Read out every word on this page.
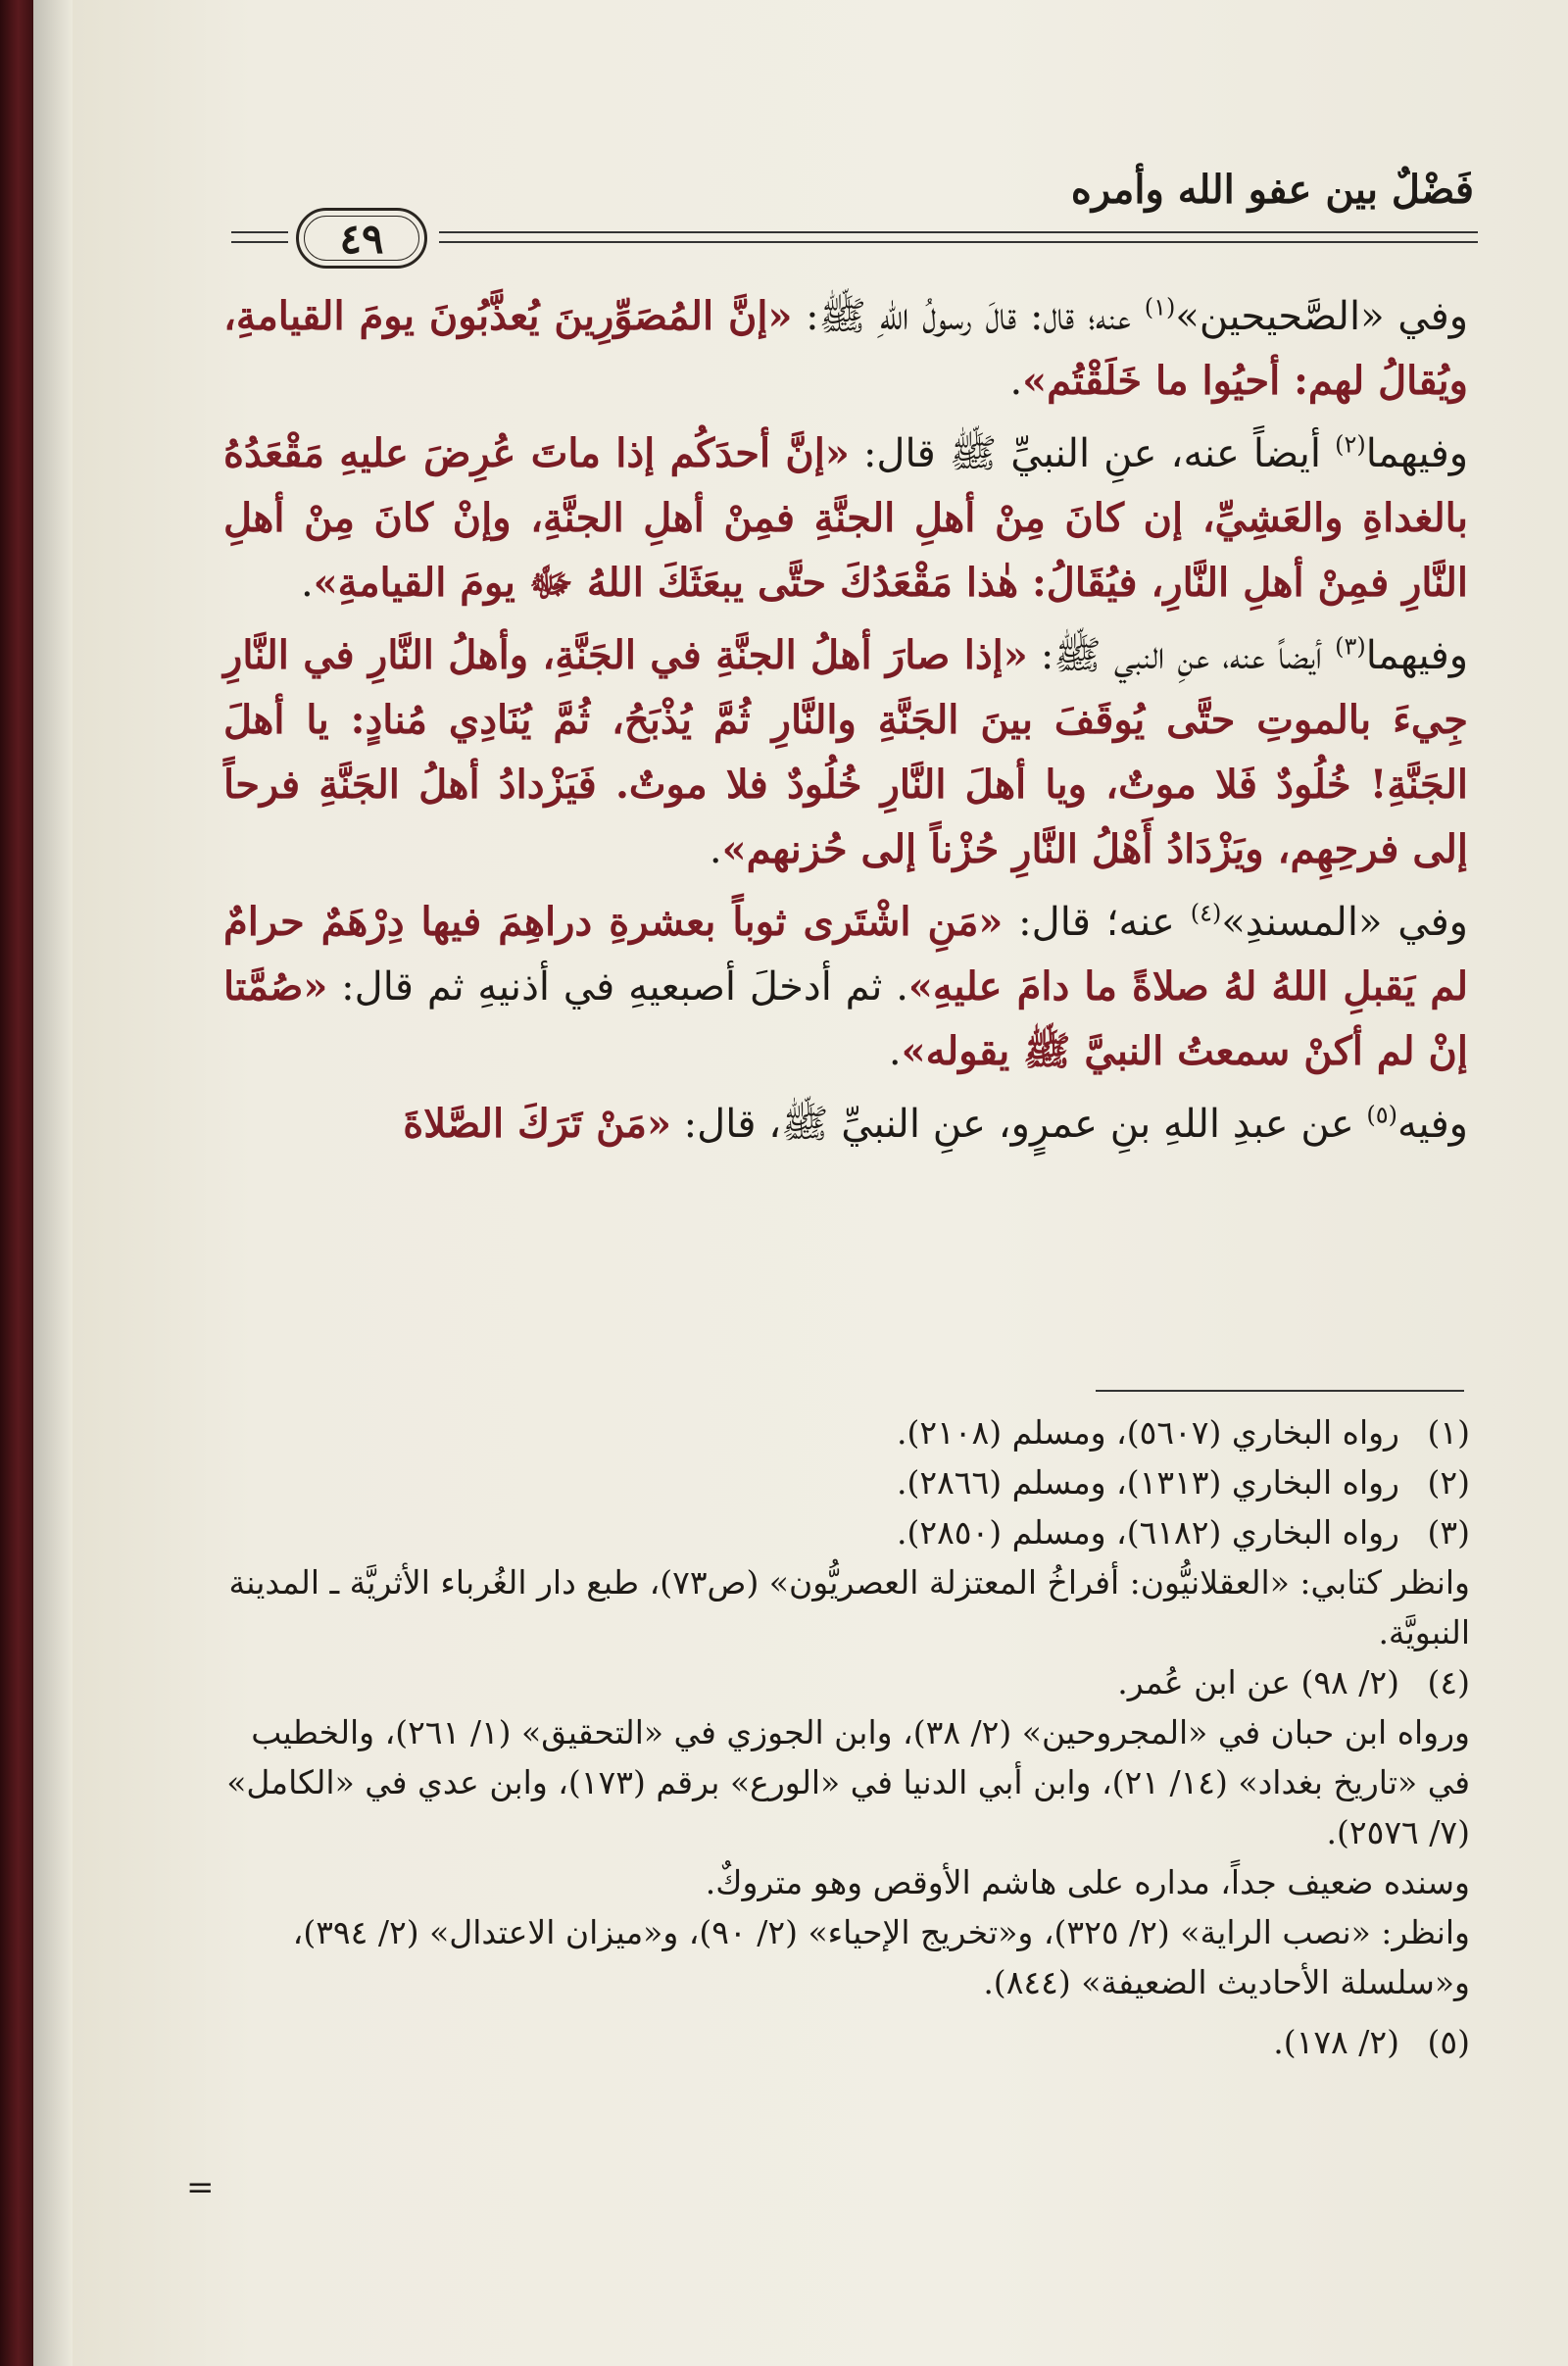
فَضْلٌ بين عفو الله وأمره
٤٩

وفي «الصَّحيحين»$^{(١)}$ عنه؛ قال: قالَ رسولُ اللهِ ﷺ: «إنَّ المُصَوِّرِينَ يُعذَّبُونَ يومَ القيامةِ، ويُقالُ لهم: أحيُوا ما خَلَقْتُم».

وفيهما$^{(٢)}$ أيضاً عنه، عنِ النبيِّ ﷺ قال: «إنَّ أحدَكُم إذا ماتَ عُرِضَ عليهِ مَقْعَدُهُ بالغداةِ والعَشِيِّ، إن كانَ مِنْ أهلِ الجنَّةِ فمِنْ أهلِ الجنَّةِ، وإنْ كانَ مِنْ أهلِ النَّارِ فمِنْ أهلِ النَّارِ، فيُقَالُ: هٰذا مَقْعَدُكَ حتَّى يبعَثَكَ اللهُ ﷻ يومَ القيامةِ».

وفيهما$^{(٣)}$ أيضاً عنه، عنِ النبي ﷺ: «إذا صارَ أهلُ الجنَّةِ في الجَنَّةِ، وأهلُ النَّارِ في النَّارِ جِيءَ بالموتِ حتَّى يُوقَفَ بينَ الجَنَّةِ والنَّارِ ثُمَّ يُذْبَحُ، ثُمَّ يُنَادِي مُنادٍ: يا أهلَ الجَنَّةِ! خُلُودٌ فَلا موتٌ، ويا أهلَ النَّارِ خُلُودٌ فلا موتٌ. فَيَزْدادُ أهلُ الجَنَّةِ فرحاً إلى فرحِهِم، ويَزْدَادُ أَهْلُ النَّارِ حُزْناً إلى حُزنهم».

وفي «المسندِ»$^{(٤)}$ عنه؛ قال: «مَنِ اشْتَرى ثوباً بعشرةِ دراهِمَ فيها دِرْهَمٌ حرامٌ لم يَقبلِ اللهُ لهُ صلاةً ما دامَ عليهِ». ثم أدخلَ أصبعيهِ في أذنيهِ ثم قال: «صُمَّتا إنْ لم أكنْ سمعتُ النبيَّ ﷺ يقوله».

وفيه$^{(٥)}$ عن عبدِ اللهِ بنِ عمرٍو، عنِ النبيِّ ﷺ، قال: «مَنْ تَرَكَ الصَّلاةَ

(١)

رواه البخاري (٥٦٠٧)، ومسلم (٢١٠٨).

(٢)

رواه البخاري (١٣١٣)، ومسلم (٢٨٦٦).

(٣)

رواه البخاري (٦١٨٢)، ومسلم (٢٨٥٠).

وانظر كتابي: «العقلانيُّون: أفراخُ المعتزلة العصريُّون» (ص٧٣)، طبع دار الغُرباء الأثريَّة ـ المدينة النبويَّة.

(٤)

(٢/ ٩٨) عن ابن عُمر.

ورواه ابن حبان في «المجروحين» (٢/ ٣٨)، وابن الجوزي في «التحقيق» (١/ ٢٦١)، والخطيب في «تاريخ بغداد» (١٤/ ٢١)، وابن أبي الدنيا في «الورع» برقم (١٧٣)، وابن عدي في «الكامل» (٧/ ٢٥٧٦).

وسنده ضعيف جداً، مداره على هاشم الأوقص وهو متروكٌ.

وانظر: «نصب الراية» (٢/ ٣٢٥)، و«تخريج الإحياء» (٢/ ٩٠)، و«ميزان الاعتدال» (٢/ ٣٩٤)، و«سلسلة الأحاديث الضعيفة» (٨٤٤).

(٥)

(٢/ ١٧٨).

=
